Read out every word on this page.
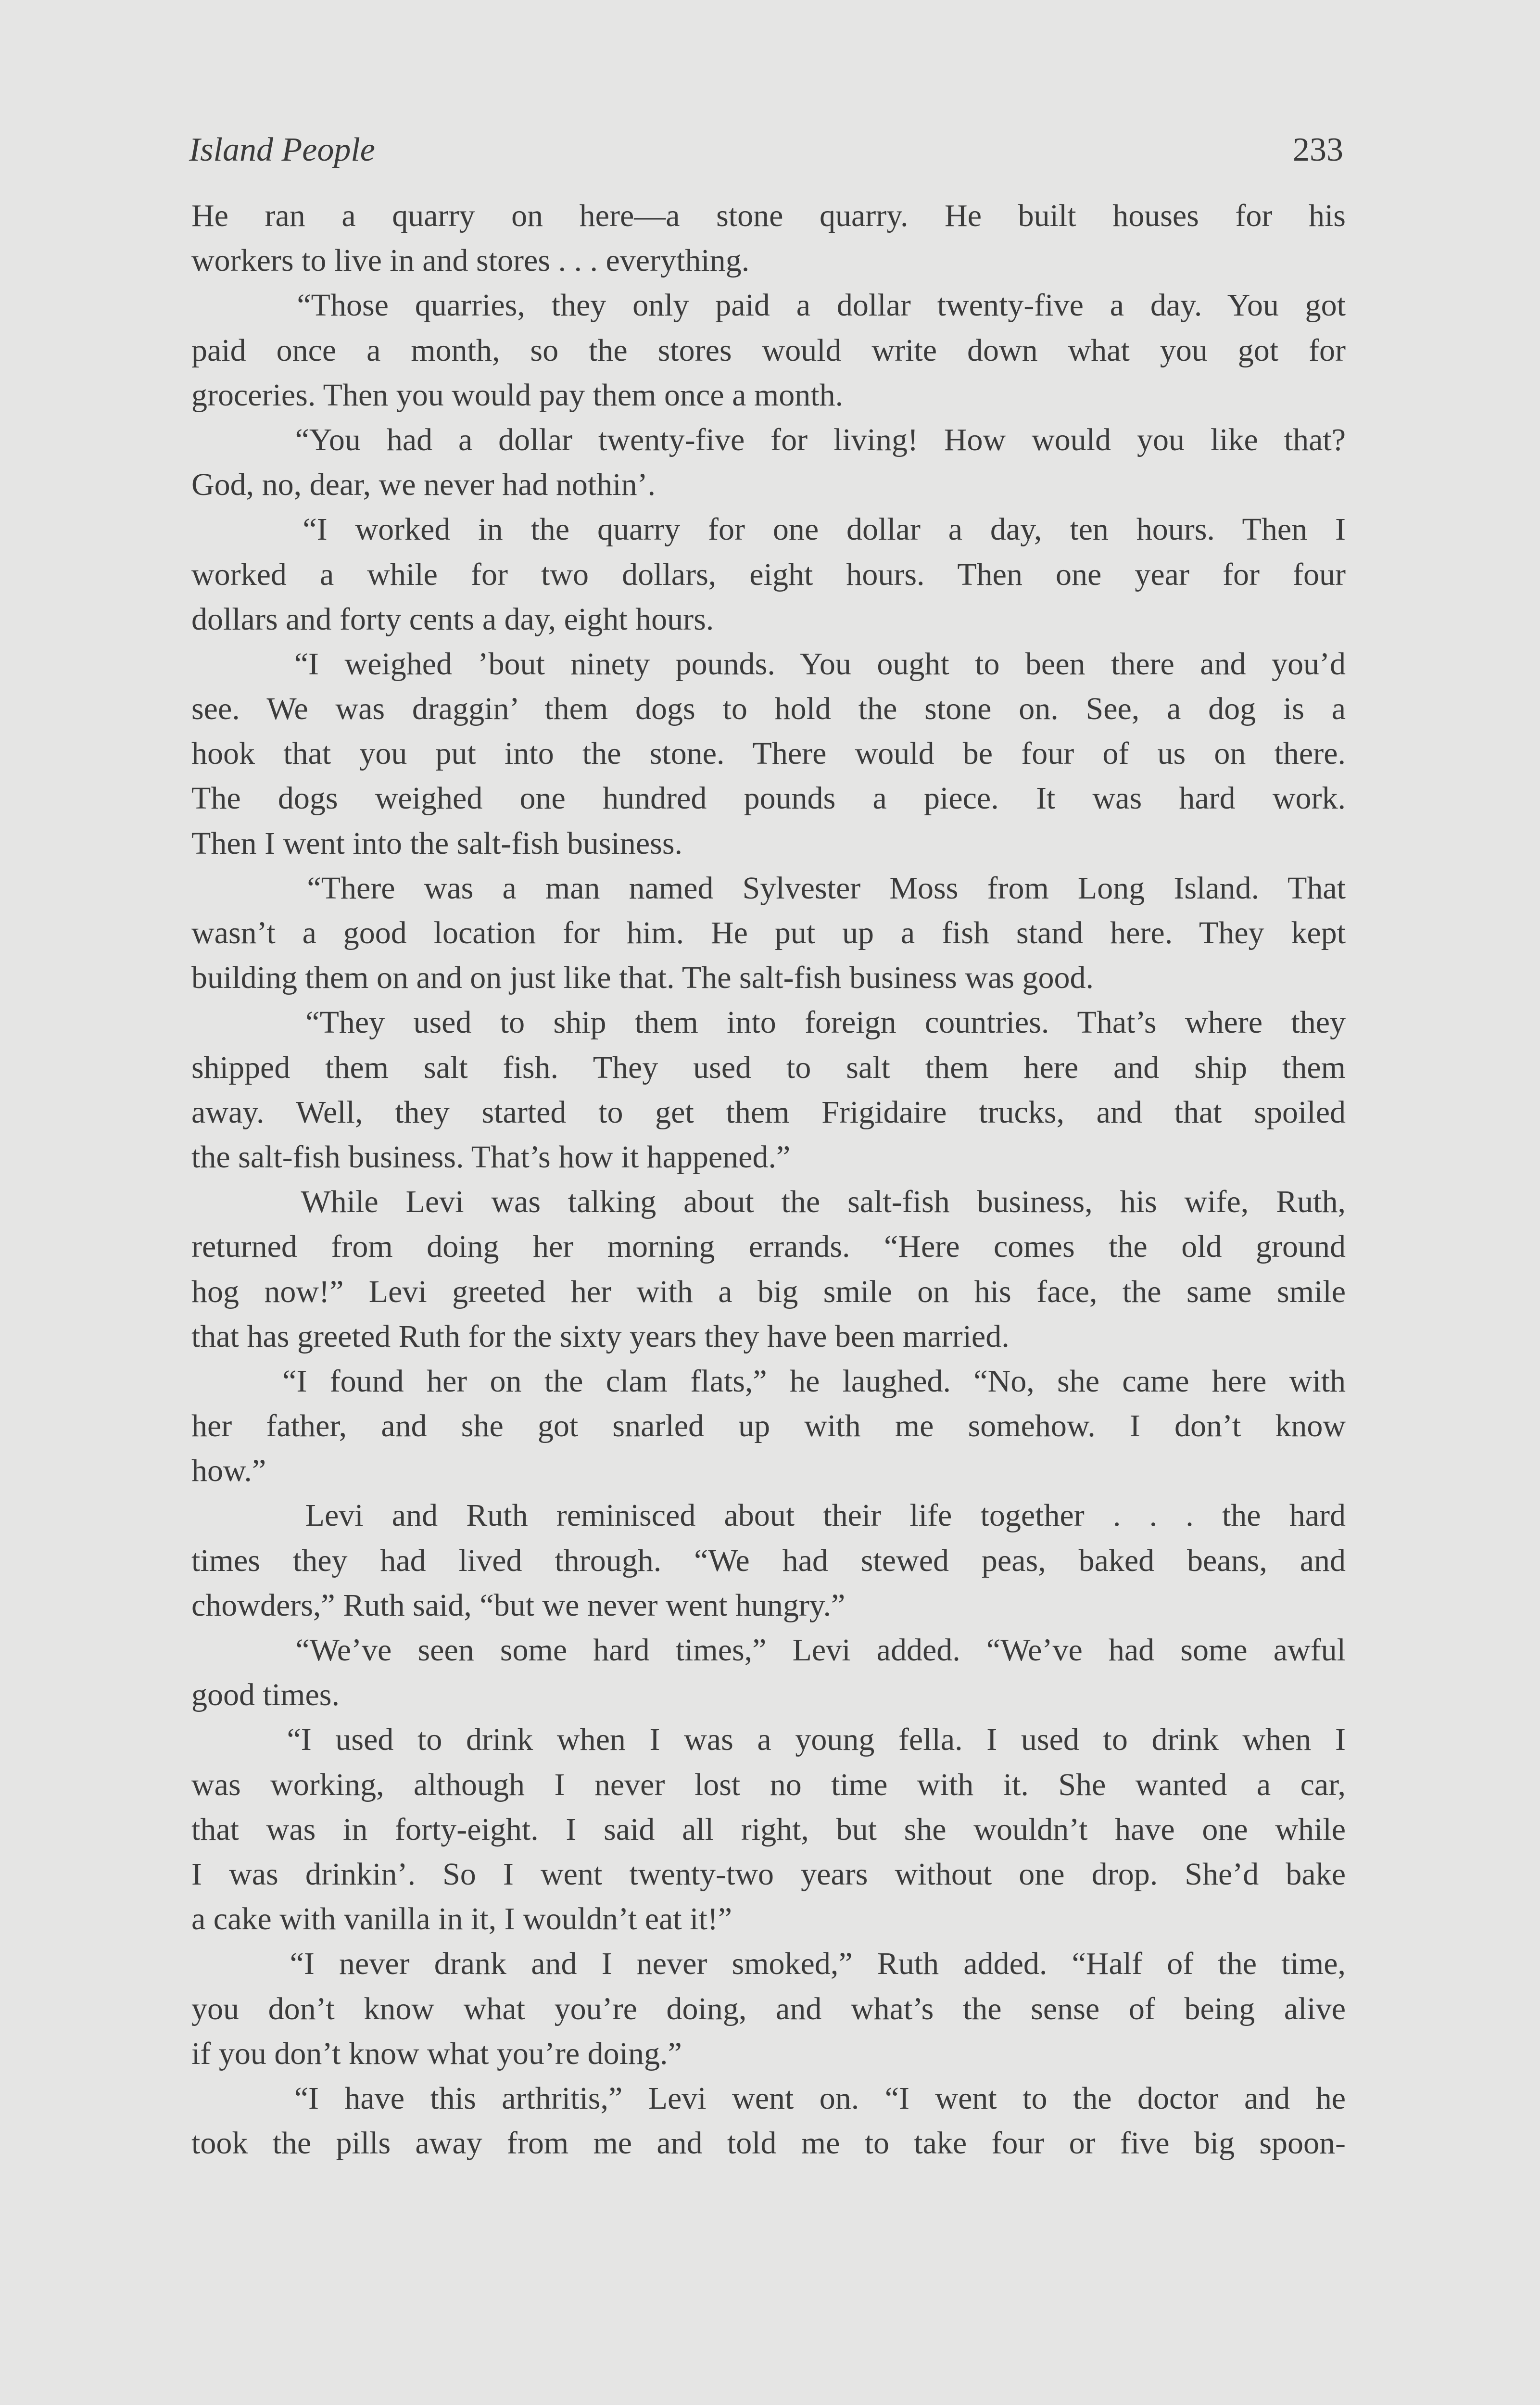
Island People	233
He ran a quarry on here—a stone quarry. He built houses for his
workers to live in and stores . . . everything.
“Those quarries, they only paid a dollar twenty-five a day. You got
paid once a month, so the stores would write down what you got for
groceries. Then you would pay them once a month.
“You had a dollar twenty-five for living! How would you like that?
God, no, dear, we never had nothin’.
“I worked in the quarry for one dollar a day, ten hours. Then I
worked a while for two dollars, eight hours. Then one year for four
dollars and forty cents a day, eight hours.
“I weighed ’bout ninety pounds. You ought to been there and you’d
see. We was draggin’ them dogs to hold the stone on. See, a dog is a
hook that you put into the stone. There would be four of us on there.
The dogs weighed one hundred pounds a piece. It was hard work.
Then I went into the salt-fish business.
“There was a man named Sylvester Moss from Long Island. That
wasn’t a good location for him. He put up a fish stand here. They kept
building them on and on just like that. The salt-fish business was good.
“They used to ship them into foreign countries. That’s where they
shipped them salt fish. They used to salt them here and ship them
away. Well, they started to get them Frigidaire trucks, and that spoiled
the salt-fish business. That’s how it happened.”
While Levi was talking about the salt-fish business, his wife, Ruth,
returned from doing her morning errands. “Here comes the old ground
hog now!” Levi greeted her with a big smile on his face, the same smile
that has greeted Ruth for the sixty years they have been married.
“I found her on the clam flats,” he laughed. “No, she came here with
her father, and she got snarled up with me somehow. I don’t know
how.”
Levi and Ruth reminisced about their life together . . . the hard
times they had lived through. “We had stewed peas, baked beans, and
chowders,” Ruth said, “but we never went hungry.”
“We’ve seen some hard times,” Levi added. “We’ve had some awful
good times.
“I used to drink when I was a young fella. I used to drink when I
was working, although I never lost no time with it. She wanted a car,
that was in forty-eight. I said all right, but she wouldn’t have one while
I was drinkin’. So I went twenty-two years without one drop. She’d bake
a cake with vanilla in it, I wouldn’t eat it!”
“I never drank and I never smoked,” Ruth added. “Half of the time,
you don’t know what you’re doing, and what’s the sense of being alive
if you don’t know what you’re doing.”
“I have this arthritis,” Levi went on. “I went to the doctor and he
took the pills away from me and told me to take four or five big spoon-
